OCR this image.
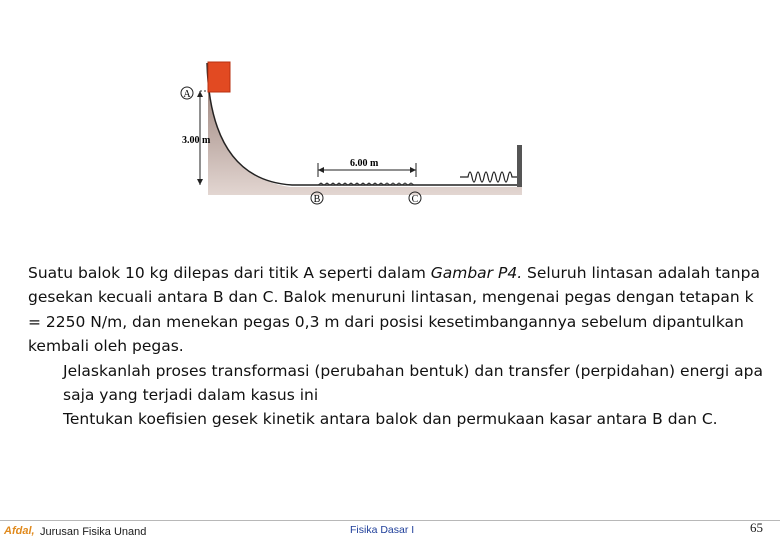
A
B	C
3.00 m
6.00 m

Suatu balok 10 kg dilepas dari titik A seperti dalam Gambar P4. Seluruh lintasan adalah tanpa gesekan kecuali antara B dan C. Balok menuruni lintasan, mengenai pegas dengan tetapan k = 2250 N/m, dan menekan pegas 0,3 m dari posisi kesetimbangannya sebelum dipantulkan kembali oleh pegas.

Jelaskanlah proses transformasi (perubahan bentuk) dan transfer (perpidahan) energi apa saja yang terjadi dalam kasus ini

Tentukan koefisien gesek kinetik antara balok dan permukaan kasar antara B dan C.

Afdal, Jurusan Fisika Unand	Fisika Dasar I	65
